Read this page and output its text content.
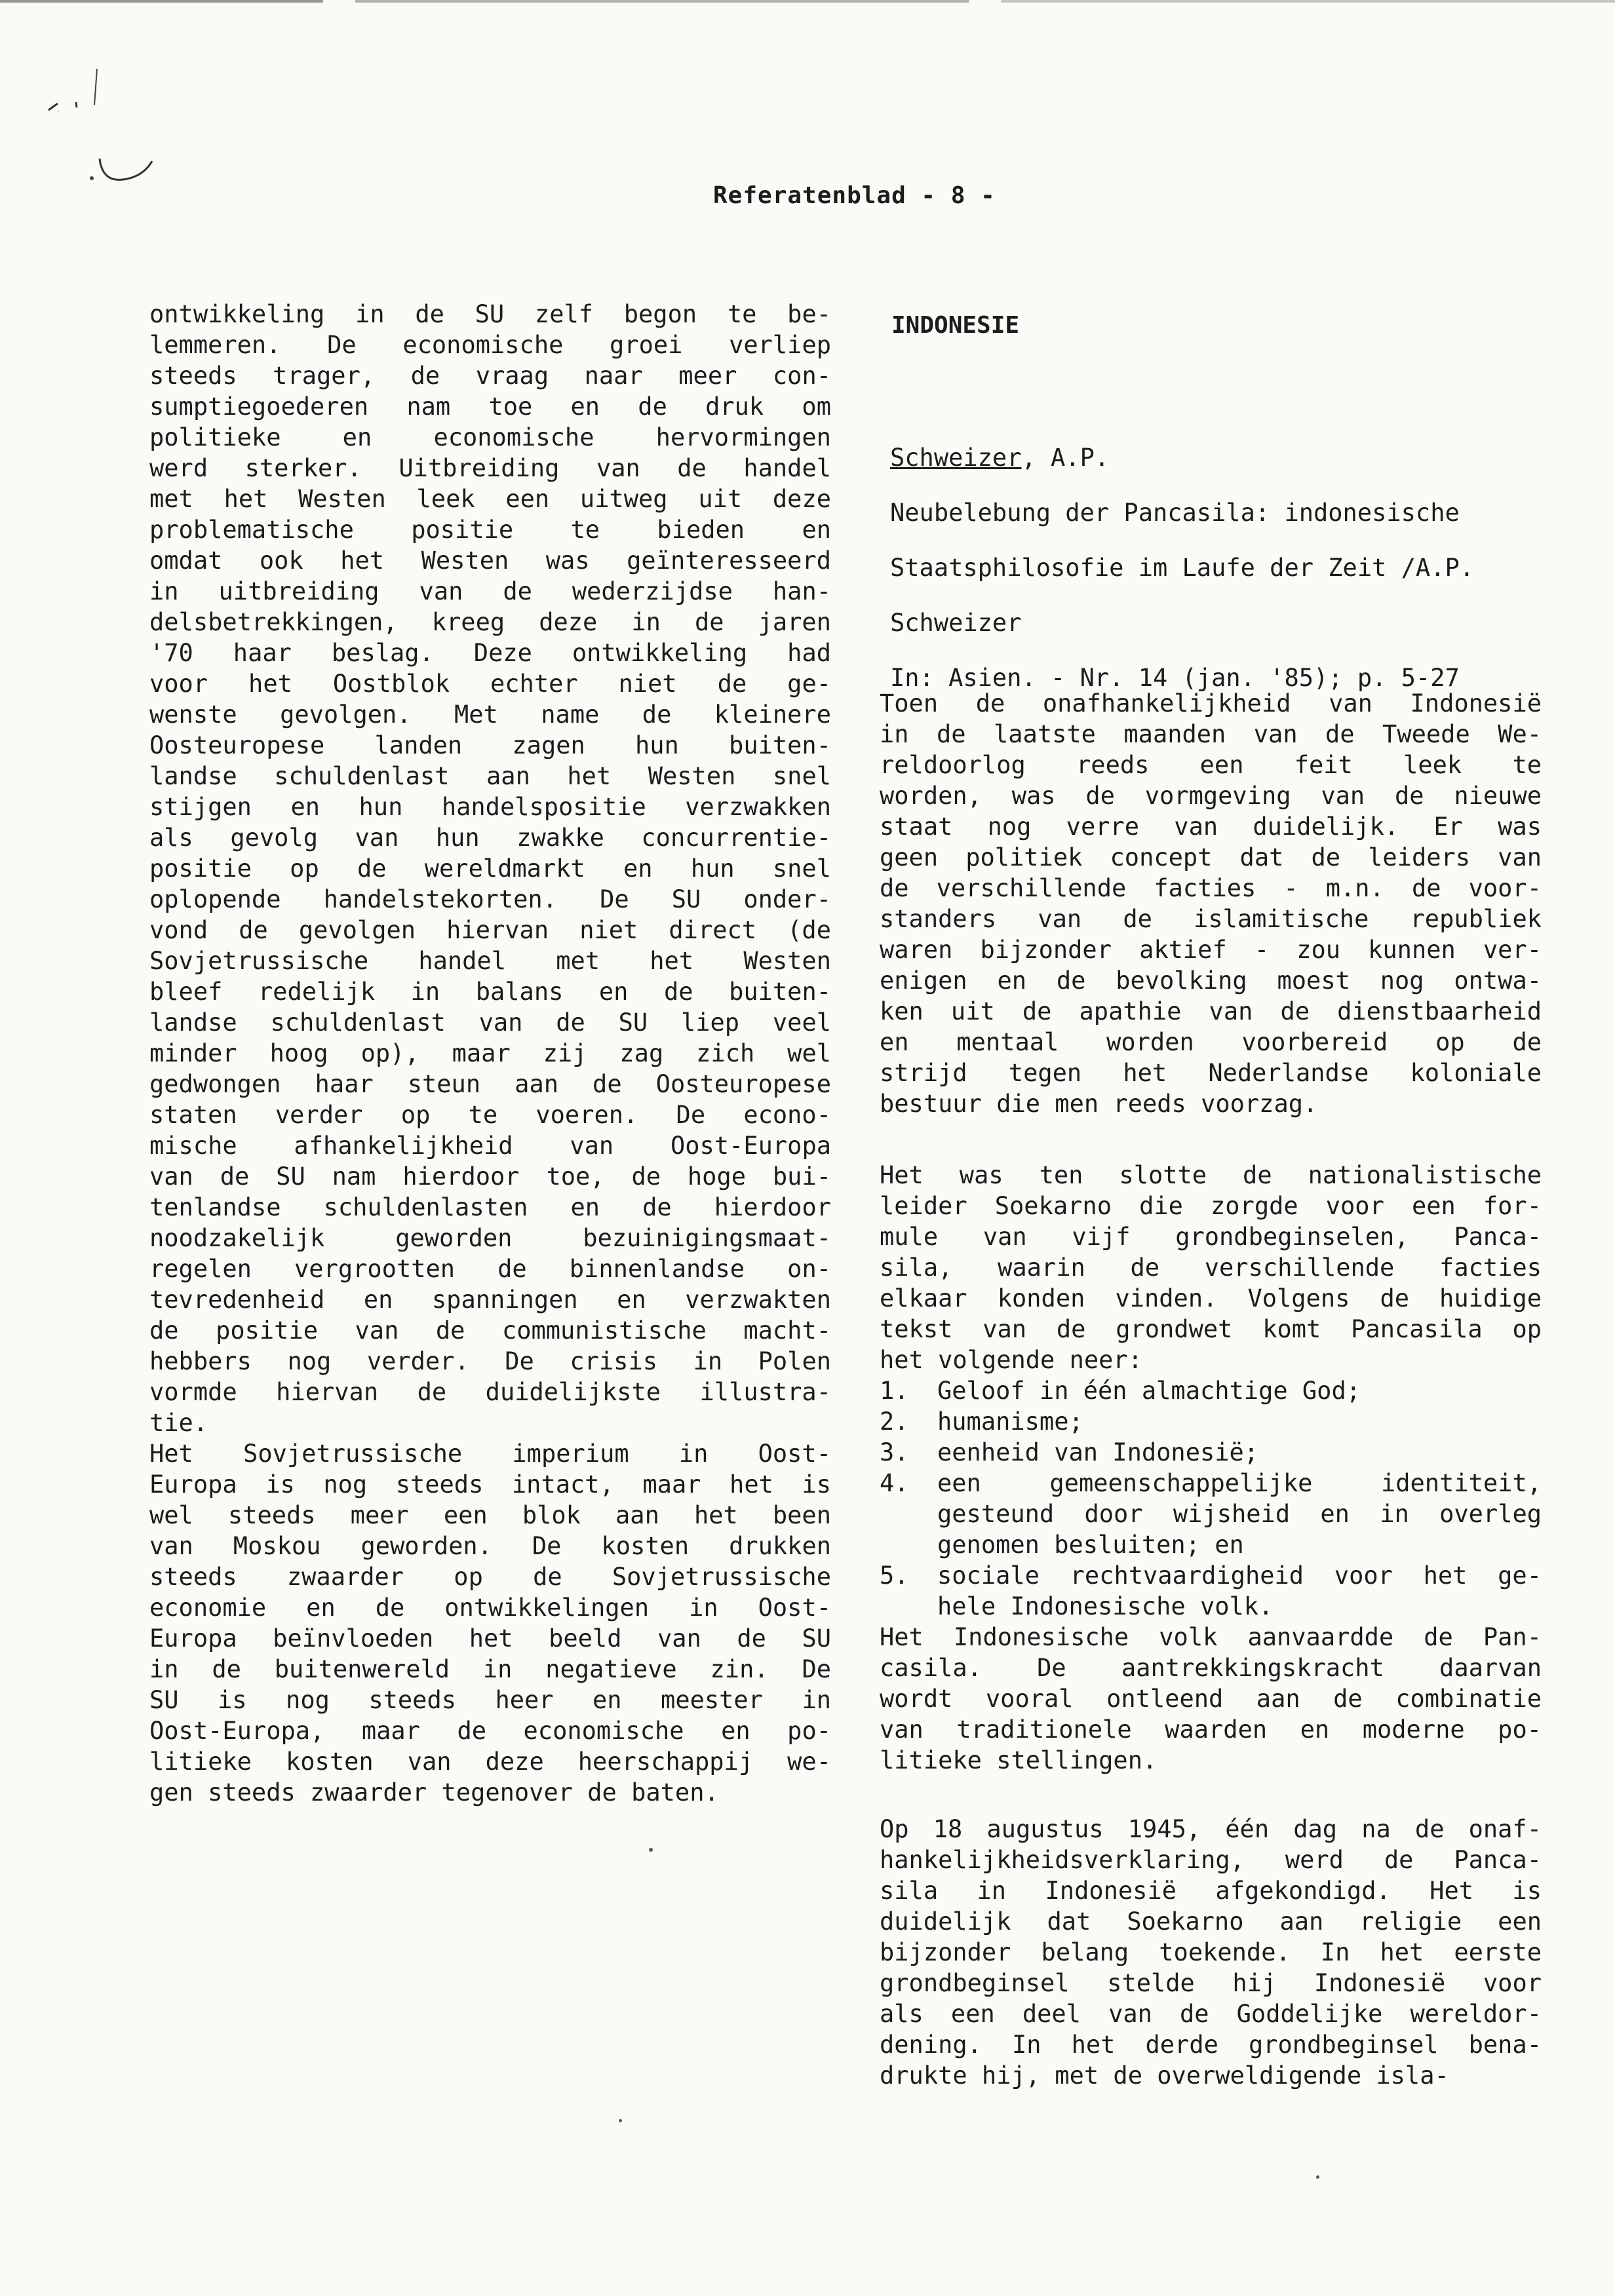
Referatenblad - 8 -

ontwikkeling in de SU zelf begon te be-

lemmeren. De economische groei verliep

steeds trager, de vraag naar meer con-

sumptiegoederen nam toe en de druk om

politieke en economische hervormingen

werd sterker. Uitbreiding van de handel

met het Westen leek een uitweg uit deze

problematische positie te bieden en

omdat ook het Westen was geïnteresseerd

in uitbreiding van de wederzijdse han-

delsbetrekkingen, kreeg deze in de jaren

'70 haar beslag. Deze ontwikkeling had

voor het Oostblok echter niet de ge-

wenste gevolgen. Met name de kleinere

Oosteuropese landen zagen hun buiten-

landse schuldenlast aan het Westen snel

stijgen en hun handelspositie verzwakken

als gevolg van hun zwakke concurrentie-

positie op de wereldmarkt en hun snel

oplopende handelstekorten. De SU onder-

vond de gevolgen hiervan niet direct (de

Sovjetrussische handel met het Westen

bleef redelijk in balans en de buiten-

landse schuldenlast van de SU liep veel

minder hoog op), maar zij zag zich wel

gedwongen haar steun aan de Oosteuropese

staten verder op te voeren. De econo-

mische afhankelijkheid van Oost-Europa

van de SU nam hierdoor toe, de hoge bui-

tenlandse schuldenlasten en de hierdoor

noodzakelijk geworden bezuinigingsmaat-

regelen vergrootten de binnenlandse on-

tevredenheid en spanningen en verzwakten

de positie van de communistische macht-

hebbers nog verder. De crisis in Polen

vormde hiervan de duidelijkste illustra-

tie.

Het Sovjetrussische imperium in Oost-

Europa is nog steeds intact, maar het is

wel steeds meer een blok aan het been

van Moskou geworden. De kosten drukken

steeds zwaarder op de Sovjetrussische

economie en de ontwikkelingen in Oost-

Europa beïnvloeden het beeld van de SU

in de buitenwereld in negatieve zin. De

SU is nog steeds heer en meester in

Oost-Europa, maar de economische en po-

litieke kosten van deze heerschappij we-

gen steeds zwaarder tegenover de baten.

INDONESIE
Schweizer, A.P.

Neubelebung der Pancasila: indonesische

Staatsphilosofie im Laufe der Zeit /A.P.

Schweizer

In: Asien. - Nr. 14 (jan. '85); p. 5-27

Toen de onafhankelijkheid van Indonesië

in de laatste maanden van de Tweede We-

reldoorlog reeds een feit leek te

worden, was de vormgeving van de nieuwe

staat nog verre van duidelijk. Er was

geen politiek concept dat de leiders van

de verschillende facties - m.n. de voor-

standers van de islamitische republiek

waren bijzonder aktief - zou kunnen ver-

enigen en de bevolking moest nog ontwa-

ken uit de apathie van de dienstbaarheid

en mentaal worden voorbereid op de

strijd tegen het Nederlandse koloniale

bestuur die men reeds voorzag.

Het was ten slotte de nationalistische

leider Soekarno die zorgde voor een for-

mule van vijf grondbeginselen, Panca-

sila, waarin de verschillende facties

elkaar konden vinden. Volgens de huidige

tekst van de grondwet komt Pancasila op

het volgende neer:

1.	Geloof in één almachtige God;
2.	humanisme;
3.	eenheid van Indonesië;
4.	een gemeenschappelijke identiteit,
gesteund door wijsheid en in overleg
genomen besluiten; en
5.	sociale rechtvaardigheid voor het ge-
hele Indonesische volk.

Het Indonesische volk aanvaardde de Pan-

casila. De aantrekkingskracht daarvan

wordt vooral ontleend aan de combinatie

van traditionele waarden en moderne po-

litieke stellingen.

Op 18 augustus 1945, één dag na de onaf-

hankelijkheidsverklaring, werd de Panca-

sila in Indonesië afgekondigd. Het is

duidelijk dat Soekarno aan religie een

bijzonder belang toekende. In het eerste

grondbeginsel stelde hij Indonesië voor

als een deel van de Goddelijke wereldor-

dening. In het derde grondbeginsel bena-

drukte hij, met de overweldigende isla-
